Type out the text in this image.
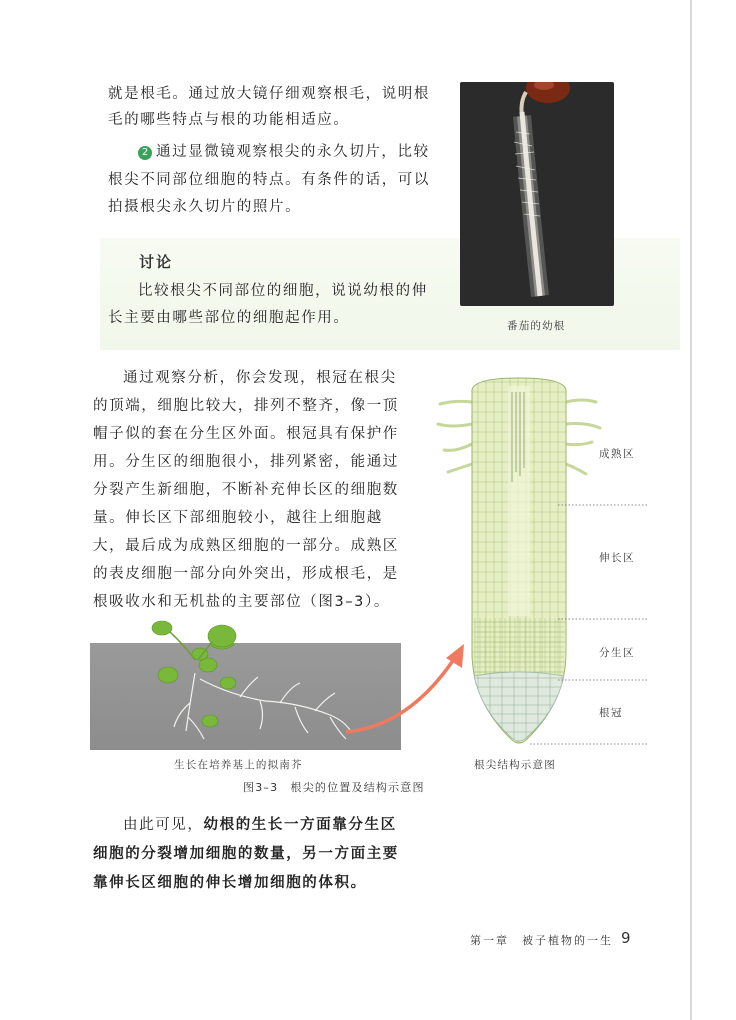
就是根毛。通过放大镜仔细观察根毛，说明根
毛的哪些特点与根的功能相适应。
2 通过显微镜观察根尖的永久切片，比较
根尖不同部位细胞的特点。有条件的话，可以
拍摄根尖永久切片的照片。
讨论
比较根尖不同部位的细胞，说说幼根的伸
长主要由哪些部位的细胞起作用。	番茄的幼根
通过观察分析，你会发现，根冠在根尖
的顶端，细胞比较大，排列不整齐，像一顶
帽子似的套在分生区外面。根冠具有保护作
用。分生区的细胞很小，排列紧密，能通过
分裂产生新细胞，不断补充伸长区的细胞数
量。伸长区下部细胞较小，越往上细胞越
大，最后成为成熟区细胞的一部分。成熟区
的表皮细胞一部分向外突出，形成根毛，是
根吸收水和无机盐的主要部位（图3–3）。
成熟区
伸长区
分生区
根冠
根尖结构示意图
生长在培养基上的拟南芥
图3–3　根尖的位置及结构示意图
由此可见，幼根的生长一方面靠分生区
细胞的分裂增加细胞的数量，另一方面主要
靠伸长区细胞的伸长增加细胞的体积。
第一章　被子植物的一生 9
